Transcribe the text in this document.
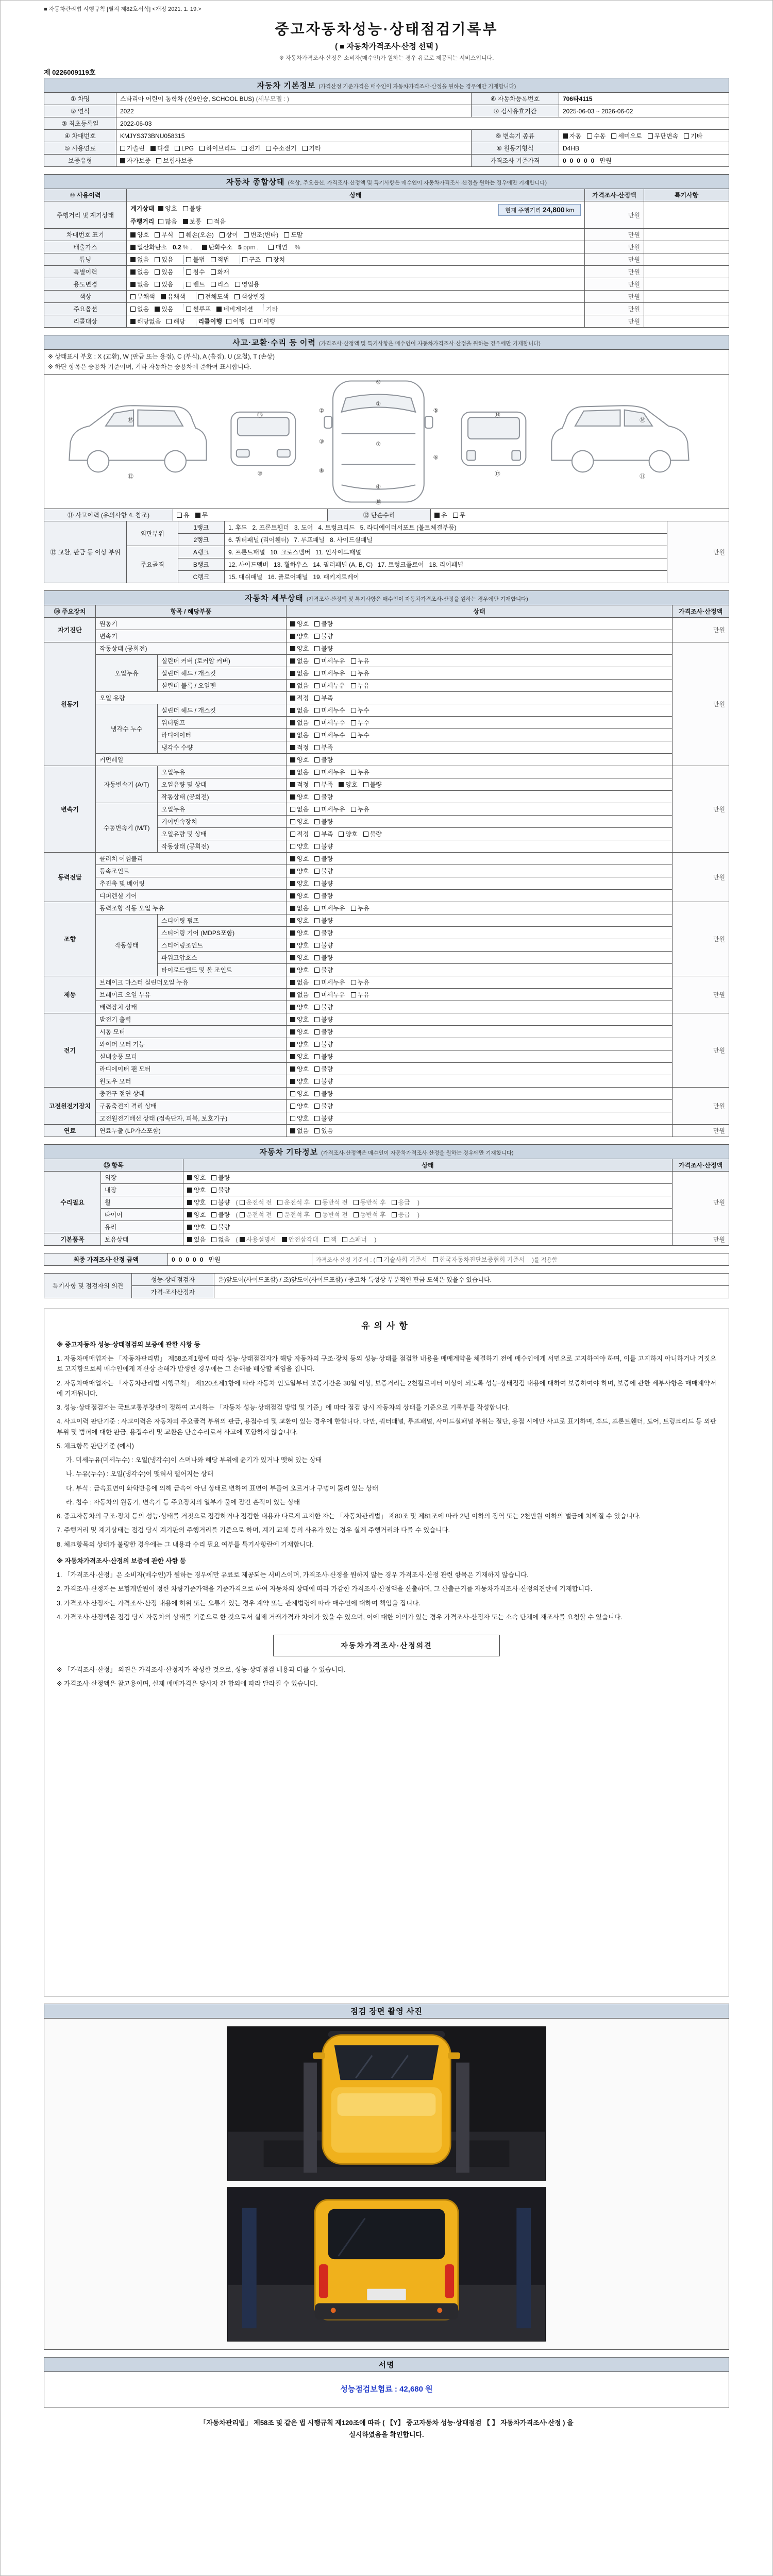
■ 자동차관리법 시행규칙 [별지 제82호서식] <개정 2021. 1. 19.>
중고자동차성능·상태점검기록부
( ■ 자동차가격조사·산정 선택 )
※ 자동차가격조사·산정은 소비자(매수인)가 원하는 경우 유료로 제공되는 서비스입니다.
제 0226009119호
자동차 기본정보 (가격산정 기준가격은 매수인이 자동차가격조사·산정을 원하는 경우에만 기재합니다)			
① 차명	스타리아 어린이 통학차 (신9인승, SCHOOL BUS) (세부모델 : )	⑥ 자동차등록번호	706타4115
② 연식	2022	⑦ 검사유효기간	2025-06-03 ~ 2026-06-02
③ 최초등록일	2022-06-03		
④ 차대번호	KMJYS373BNU058315	⑨ 변속기 종류	자동 수동 세미오토 무단변속 기타
⑤ 사용연료	가솔린 디젤 LPG 하이브리드 전기 수소전기 기타	⑧ 원동기형식	D4HB
보증유형	자가보증 보험사보증	가격조사 기준가격	00000 만원
자동차 종합상태 (색상, 주요옵션, 가격조사·산정액 및 특기사항은 매수인이 자동차가격조사·산정을 원하는 경우에만 기재합니다)			
⑩ 사용이력	상태	가격조사·산정액	특기사항
주행거리 및 계기상태	계기상태 양호 불량 현재 주행거리 24,800 km
주행거리 많음 보통 적음	만원	
차대번호 표기	양호 부식 훼손(오손) 상이 변조(변타) 도말	만원	
배출가스	일산화탄소 0.2 % , 탄화수소 5 ppm , 매연 %	만원	
튜닝	없음 있음 불법 적법 구조 장치	만원	
특별이력	없음 있음 침수 화재	만원	
용도변경	없음 있음 렌트 리스 영업용	만원	
색상	무채색 유채색 전체도색 색상변경	만원	
주요옵션	없음 있음 썬루프 네비게이션 기타	만원	
리콜대상	해당없음 해당 리콜이행 이행 미이행	만원	
사고·교환·수리 등 이력 (가격조사·산정액 및 특기사항은 매수인이 자동차가격조사·산정을 원하는 경우에만 기재합니다)

※ 상태표시 부호 : X (교환), W (판금 또는 용접), C (부식), A (흠집), U (요철), T (손상)
※ 하단 항목은 승용차 기준이며, 기타 자동차는 승용차에 준하여 표시합니다.

⑨
①
②
③
⑤
⑦
⑥
⑧
④
⑱
⑬
⑩
⑭
⑰
⑮
⑫
⑯
⑪
⑪ 사고이력 (유의사항 4. 참조)	유 무	⑫ 단순수리	유 무
⑬ 교환, 판금 등 이상 부위	외판부위	1랭크	1. 후드   2. 프론트휀더   3. 도어   4. 트렁크리드   5. 라디에이터서포트 (볼트체결부품)	만원
		2랭크	6. 쿼터패널 (리어휀더)   7. 루프패널   8. 사이드실패널	
	주요골격	A랭크	9. 프론트패널   10. 크로스멤버   11. 인사이드패널	
		B랭크	12. 사이드멤버   13. 휠하우스   14. 필러패널 (A, B, C)   17. 트렁크플로어   18. 리어패널	
		C랭크	15. 대쉬패널   16. 플로어패널   19. 패키지트레이	
자동차 세부상태 (가격조사·산정액 및 특기사항은 매수인이 자동차가격조사·산정을 원하는 경우에만 기재합니다)				
⑭ 주요장치	항목 / 해당부품		상태	가격조사·산정액
자기진단	원동기		양호 불량	만원
	변속기		양호 불량	
원동기	작동상태 (공회전)		양호 불량	만원
	오일누유	실린더 커버 (로커암 커버)	없음 미세누유 누유	
		실린더 헤드 / 개스킷	없음 미세누유 누유	
		실린더 블록 / 오일팬	없음 미세누유 누유	
	오일 유량		적정 부족	
	냉각수 누수	실린더 헤드 / 개스킷	없음 미세누수 누수	
		워터펌프	없음 미세누수 누수	
		라디에이터	없음 미세누수 누수	
		냉각수 수량	적정 부족	
	커먼레일		양호 불량	
변속기	자동변속기 (A/T)	오일누유	없음 미세누유 누유	만원
		오일유량 및 상태	적정 부족 양호 불량	
		작동상태 (공회전)	양호 불량	
	수동변속기 (M/T)	오일누유	없음 미세누유 누유	
		기어변속장치	양호 불량	
		오일유량 및 상태	적정 부족 양호 불량	
		작동상태 (공회전)	양호 불량	
동력전달	클러치 어셈블리		양호 불량	만원
	등속조인트		양호 불량	
	추진축 및 베어링		양호 불량	
	디퍼렌셜 기어		양호 불량	
조향	동력조향 작동 오일 누유		없음 미세누유 누유	만원
	작동상태	스티어링 펌프	양호 불량	
		스티어링 기어 (MDPS포함)	양호 불량	
		스티어링조인트	양호 불량	
		파워고압호스	양호 불량	
		타이로드엔드 및 볼 조인트	양호 불량	
제동	브레이크 마스터 실린더오일 누유		없음 미세누유 누유	만원
	브레이크 오일 누유		없음 미세누유 누유	
	배력장치 상태		양호 불량	
전기	발전기 출력		양호 불량	만원
	시동 모터		양호 불량	
	와이퍼 모터 기능		양호 불량	
	실내송풍 모터		양호 불량	
	라디에이터 팬 모터		양호 불량	
	윈도우 모터		양호 불량	
고전원전기장치	충전구 절연 상태		양호 불량	만원
	구동축전지 격리 상태		양호 불량	
	고전원전기배선 상태 (접속단자, 피복, 보호기구)		양호 불량	
연료	연료누출 (LP가스포함)		없음 있음	만원
자동차 기타정보 (가격조사·산정액은 매수인이 자동차가격조사·산정을 원하는 경우에만 기재합니다)			
⑮ 항목		상태	가격조사·산정액
수리필요	외장	양호 불량	만원
	내장	양호 불량	
	휠	양호 불량 ( 운전석 전 운전석 후 동반석 전 동반석 후 응급 )
	타이어	양호 불량 ( 운전석 전 운전석 후 동반석 전 동반석 후 응급 )
	유리	양호 불량	
기본품목	보유상태	있음 없음 ( 사용설명서 안전삼각대 잭 스패너 )	만원
최종 가격조사·산정 금액	00000 만원	가격조사·산정 기준서 : ( 기술사회 기준서 한국자동차진단보증협회 기준서 ) 를 적용함
특기사항 및 점검자의 의견	성능·상태점검자	운)앞도어(사이드포함) / 조)앞도어(사이드포함) / 중고차 특성상 부분적인 판금 도색은 있을수 있습니다.
	가격·조사산정자	
유의사항
※ 중고자동차 성능·상태점검의 보증에 관한 사항 등
1. 자동차매매업자는 「자동차관리법」 제58조제1항에 따라 성능·상태점검자가 해당 자동차의 구조·장치 등의 성능·상태를 점검한 내용을 매매계약을 체결하기 전에 매수인에게 서면으로 고지하여야 하며, 이를 고지하지 아니하거나 거짓으로 고지함으로써 매수인에게 재산상 손해가 발생한 경우에는 그 손해를 배상할 책임을 집니다.
2. 자동차매매업자는 「자동차관리법 시행규칙」 제120조제1항에 따라 자동차 인도일부터 보증기간은 30일 이상, 보증거리는 2천킬로미터 이상이 되도록 성능·상태점검 내용에 대하여 보증하여야 하며, 보증에 관한 세부사항은 매매계약서에 기재됩니다.
3. 성능·상태점검자는 국토교통부장관이 정하여 고시하는 「자동차 성능·상태점검 방법 및 기준」에 따라 점검 당시 자동차의 상태를 기준으로 기록부를 작성합니다.
4. 사고이력 판단기준 : 사고이력은 자동차의 주요골격 부위의 판금, 용접수리 및 교환이 있는 경우에 한합니다. 다만, 쿼터패널, 루프패널, 사이드실패널 부위는 절단, 용접 시에만 사고로 표기하며, 후드, 프론트휀더, 도어, 트렁크리드 등 외판부위 및 범퍼에 대한 판금, 용접수리 및 교환은 단순수리로서 사고에 포함하지 않습니다.
5. 체크항목 판단기준 (예시)
가. 미세누유(미세누수) : 오일(냉각수)이 스며나와 해당 부위에 윤기가 있거나 맺혀 있는 상태
나. 누유(누수) : 오일(냉각수)이 맺혀서 떨어지는 상태
다. 부식 : 금속표면이 화학반응에 의해 금속이 아닌 상태로 변하여 표면이 부풀어 오르거나 구멍이 뚫려 있는 상태
라. 침수 : 자동차의 원동기, 변속기 등 주요장치의 일부가 물에 잠긴 흔적이 있는 상태
6. 중고자동차의 구조·장치 등의 성능·상태를 거짓으로 점검하거나 점검한 내용과 다르게 고지한 자는 「자동차관리법」 제80조 및 제81조에 따라 2년 이하의 징역 또는 2천만원 이하의 벌금에 처해질 수 있습니다.
7. 주행거리 및 계기상태는 점검 당시 계기판의 주행거리를 기준으로 하며, 계기 교체 등의 사유가 있는 경우 실제 주행거리와 다를 수 있습니다.
8. 체크항목의 상태가 불량한 경우에는 그 내용과 수리 필요 여부를 특기사항란에 기재합니다.
※ 자동차가격조사·산정의 보증에 관한 사항 등
1. 「가격조사·산정」은 소비자(매수인)가 원하는 경우에만 유료로 제공되는 서비스이며, 가격조사·산정을 원하지 않는 경우 가격조사·산정 관련 항목은 기재하지 않습니다.
2. 가격조사·산정자는 보험개발원이 정한 차량기준가액을 기준가격으로 하여 자동차의 상태에 따라 가감한 가격조사·산정액을 산출하며, 그 산출근거를 자동차가격조사·산정의견란에 기재합니다.
3. 가격조사·산정자는 가격조사·산정 내용에 허위 또는 오류가 있는 경우 계약 또는 관계법령에 따라 매수인에 대하여 책임을 집니다.
4. 가격조사·산정액은 점검 당시 자동차의 상태를 기준으로 한 것으로서 실제 거래가격과 차이가 있을 수 있으며, 이에 대한 이의가 있는 경우 가격조사·산정자 또는 소속 단체에 재조사를 요청할 수 있습니다.
자동차가격조사·산정의견
※ 「가격조사·산정」 의견은 가격조사·산정자가 작성한 것으로, 성능·상태점검 내용과 다를 수 있습니다.
※ 가격조사·산정액은 참고용이며, 실제 매매가격은 당사자 간 합의에 따라 달라질 수 있습니다.
점검 장면 촬영 사진

서명

성능점검보험료 : 42,680 원
「자동차관리법」 제58조 및 같은 법 시행규칙 제120조에 따라 ( 【Y】 중고자동차 성능·상태점검 【 】 자동차가격조사·산정 ) 을
실시하였음을 확인합니다.
